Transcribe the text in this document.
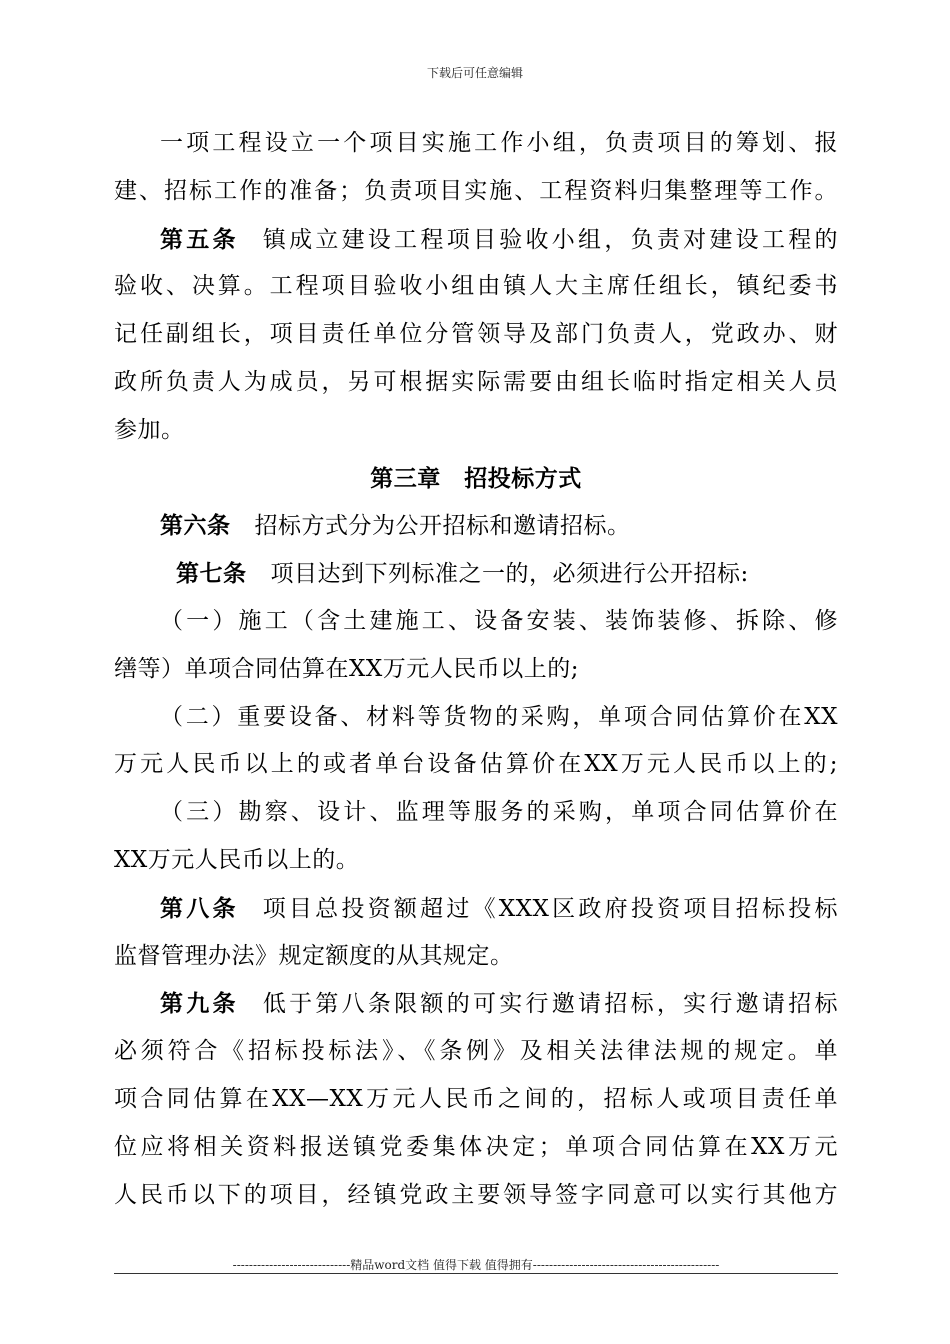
下载后可任意编辑
一项工程设立一个项目实施工作小组，负责项目的筹划、报
建、招标工作的准备；负责项目实施、工程资料归集整理等工作。
第五条 镇成立建设工程项目验收小组，负责对建设工程的
验收、决算。工程项目验收小组由镇人大主席任组长，镇纪委书
记任副组长，项目责任单位分管领导及部门负责人，党政办、财
政所负责人为成员，另可根据实际需要由组长临时指定相关人员
参加。
第三章　招投标方式
第六条 招标方式分为公开招标和邀请招标。
第七条 项目达到下列标准之一的，必须进行公开招标:
（一）施工（含土建施工、设备安装、装饰装修、拆除、修
缮等）单项合同估算在XX万元人民币以上的;
（二）重要设备、材料等货物的采购，单项合同估算价在XX
万元人民币以上的或者单台设备估算价在XX万元人民币以上的;
（三）勘察、设计、监理等服务的采购，单项合同估算价在
XX万元人民币以上的。
第八条 项目总投资额超过《XXX区政府投资项目招标投标
监督管理办法》规定额度的从其规定。
第九条 低于第八条限额的可实行邀请招标，实行邀请招标
必须符合《招标投标法》、《条例》及相关法律法规的规定。单
项合同估算在XX—XX万元人民币之间的，招标人或项目责任单
位应将相关资料报送镇党委集体决定；单项合同估算在XX万元
人民币以下的项目，经镇党政主要领导签字同意可以实行其他方
-----------------------------精品word文档 值得下载 值得拥有----------------------------------------------
